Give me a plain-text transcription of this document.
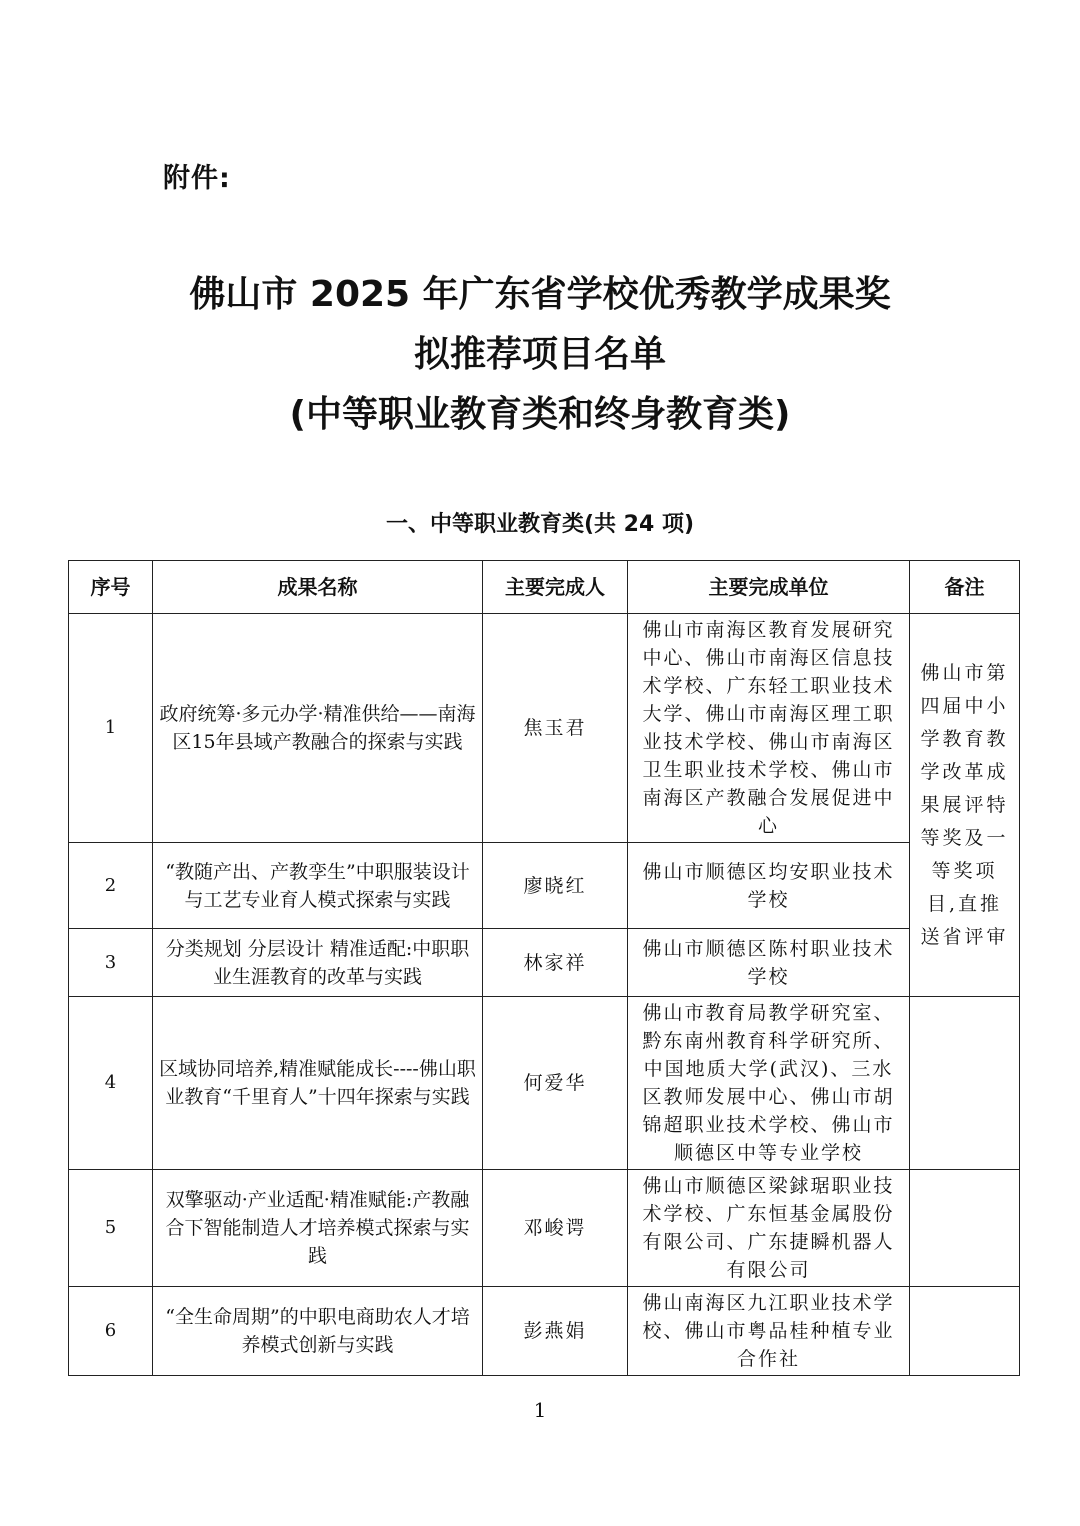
附件:
佛山市 2025 年广东省学校优秀教学成果奖
拟推荐项目名单
(中等职业教育类和终身教育类)
一、中等职业教育类(共 24 项)
序号	成果名称	主要完成人	主要完成单位	备注
1	政府统筹·多元办学·精准供给——南海区15年县域产教融合的探索与实践	焦玉君	佛山市南海区教育发展研究中心、佛山市南海区信息技术学校、广东轻工职业技术大学、佛山市南海区理工职业技术学校、佛山市南海区卫生职业技术学校、佛山市南海区产教融合发展促进中心	佛山市第四届中小学教育教学改革成果展评特等奖及一等奖项目,直推送省评审
2	“教随产出、产教孪生”中职服装设计与工艺专业育人模式探索与实践	廖晓红	佛山市顺德区均安职业技术学校	
3	分类规划 分层设计 精准适配:中职职业生涯教育的改革与实践	林家祥	佛山市顺德区陈村职业技术学校	
4	区域协同培养,精准赋能成长----佛山职业教育“千里育人”十四年探索与实践	何爱华	佛山市教育局教学研究室、黔东南州教育科学研究所、中国地质大学(武汉)、三水区教师发展中心、佛山市胡锦超职业技术学校、佛山市顺德区中等专业学校	
5	双擎驱动·产业适配·精准赋能:产教融合下智能制造人才培养模式探索与实践	邓峻谔	佛山市顺德区梁銶琚职业技术学校、广东恒基金属股份有限公司、广东捷瞬机器人有限公司	
6	“全生命周期”的中职电商助农人才培养模式创新与实践	彭燕娟	佛山南海区九江职业技术学校、佛山市粤品桂种植专业合作社	
1
